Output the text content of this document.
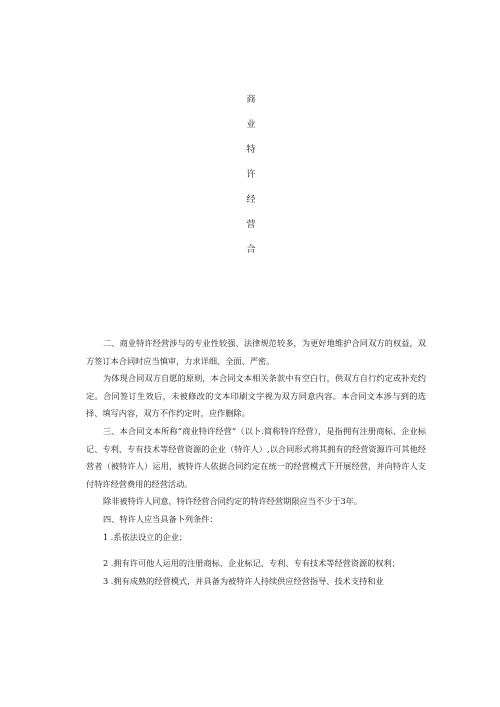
商
业
特
许
经
营
合

二、商业特许经营涉与的专业性较强、法律规范较多，为更好地维护合同双方的权益，双方签订本合同时应当慎审，力求详细、全面、严密。

为体现合同双方自愿的原则，本合同文本相关条款中有空白行，供双方自行约定或补充约定。合同签订生效后，未被修改的文本印刷文字视为双方同意内容。本合同文本涉与到的选择、填写内容，双方不作约定时，应作删除。

三、本合同文本所称“商业特许经营”（以卜.简称特许经营），是指拥有注册商标、企业标记、专利、专有技术等经营资源的企业（特许人）,以合同形式将其拥有的经营资源许可其他经营者（被特许人）运用，被特许人依据合同约定在统一的经营模式下开展经营，并向特许人支付特许经营费用的经营活动。

除非被特许人同意，特许经营合同约定的特许经营期限应当不少于3年。

四、特许人应当具备卜列条件：

1 .系依法设立的企业；

2 .拥有许可他人运用的注册商标、企业标记、专利、专有技术等经营资源的权利；

3 .拥有成熟的经营模式，并具备为被特许人持续供应经营指导、技术支持和业
